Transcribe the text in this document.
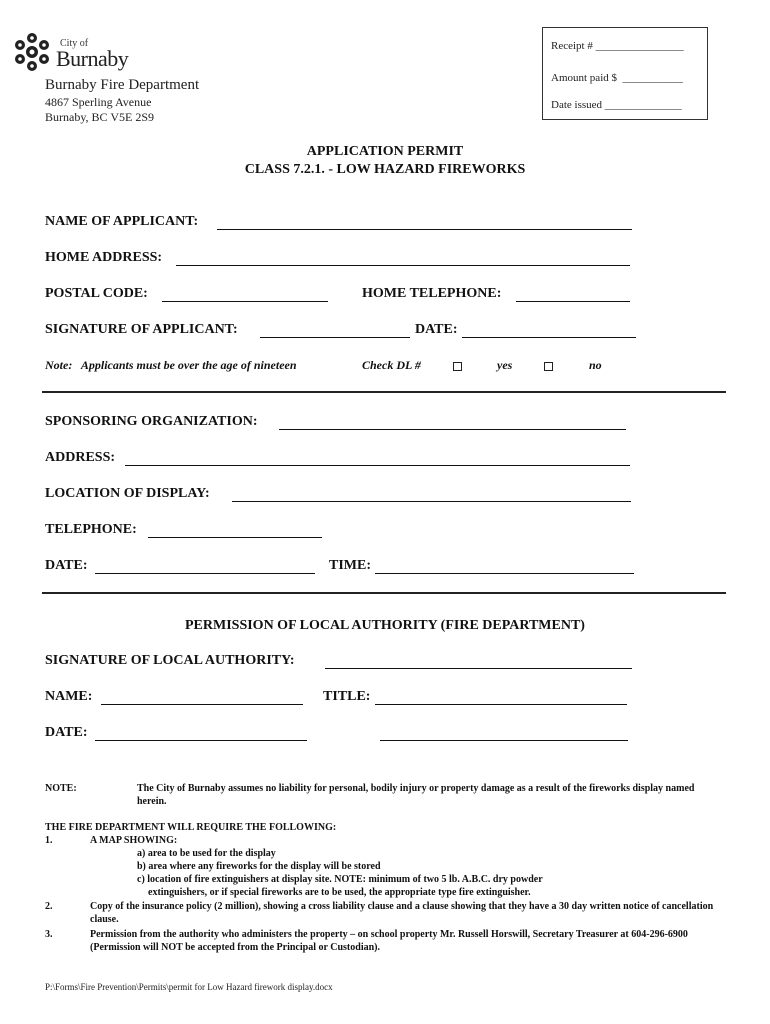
City of
Burnaby
Burnaby Fire Department
4867 Sperling Avenue
Burnaby, BC V5E 2S9
Receipt # ________________
Amount paid $  ___________
Date issued ______________
APPLICATION PERMIT
CLASS 7.2.1. - LOW HAZARD FIREWORKS
NAME OF APPLICANT:
HOME ADDRESS:
POSTAL CODE:	HOME TELEPHONE:
SIGNATURE OF APPLICANT:	DATE:
Note:   Applicants must be over the age of nineteen	Check DL #	yes	no
SPONSORING ORGANIZATION:
ADDRESS:
LOCATION OF DISPLAY:
TELEPHONE:
DATE:	TIME:
PERMISSION OF LOCAL AUTHORITY (FIRE DEPARTMENT)
SIGNATURE OF LOCAL AUTHORITY:
NAME:	TITLE:
DATE:
NOTE:	The City of Burnaby assumes no liability for personal, bodily injury or property damage as a result of the fireworks display named herein.
THE FIRE DEPARTMENT WILL REQUIRE THE FOLLOWING:
1.	A MAP SHOWING:
a) area to be used for the display
b) area where any fireworks for the display will be stored
c) location of fire extinguishers at display site. NOTE: minimum of two 5 lb. A.B.C. dry powder
extinguishers, or if special fireworks are to be used, the appropriate type fire extinguisher.
2.	Copy of the insurance policy (2 million), showing a cross liability clause and a clause showing that they have a 30 day written notice of cancellation clause.
3.	Permission from the authority who administers the property – on school property Mr. Russell Horswill, Secretary Treasurer at 604-296-6900 (Permission will NOT be accepted from the Principal or Custodian).
P:\Forms\Fire Prevention\Permits\permit for Low Hazard firework display.docx
